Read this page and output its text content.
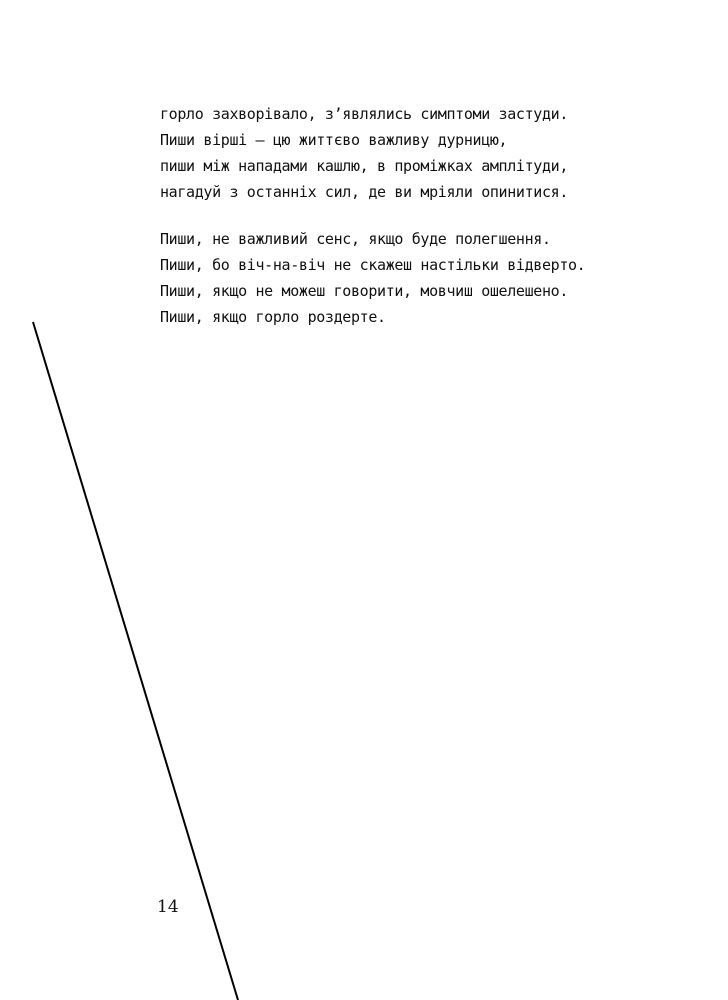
горло захворівало, з’являлись симптоми застуди.
Пиши вірші — цю життєво важливу дурницю,
пиши між нападами кашлю, в проміжках амплітуди,
нагадуй з останніх сил, де ви мріяли опинитися.
Пиши, не важливий сенс, якщо буде полегшення.
Пиши, бо віч-на-віч не скажеш настільки відверто.
Пиши, якщо не можеш говорити, мовчиш ошелешено.
Пиши, якщо горло роздерте.
14
